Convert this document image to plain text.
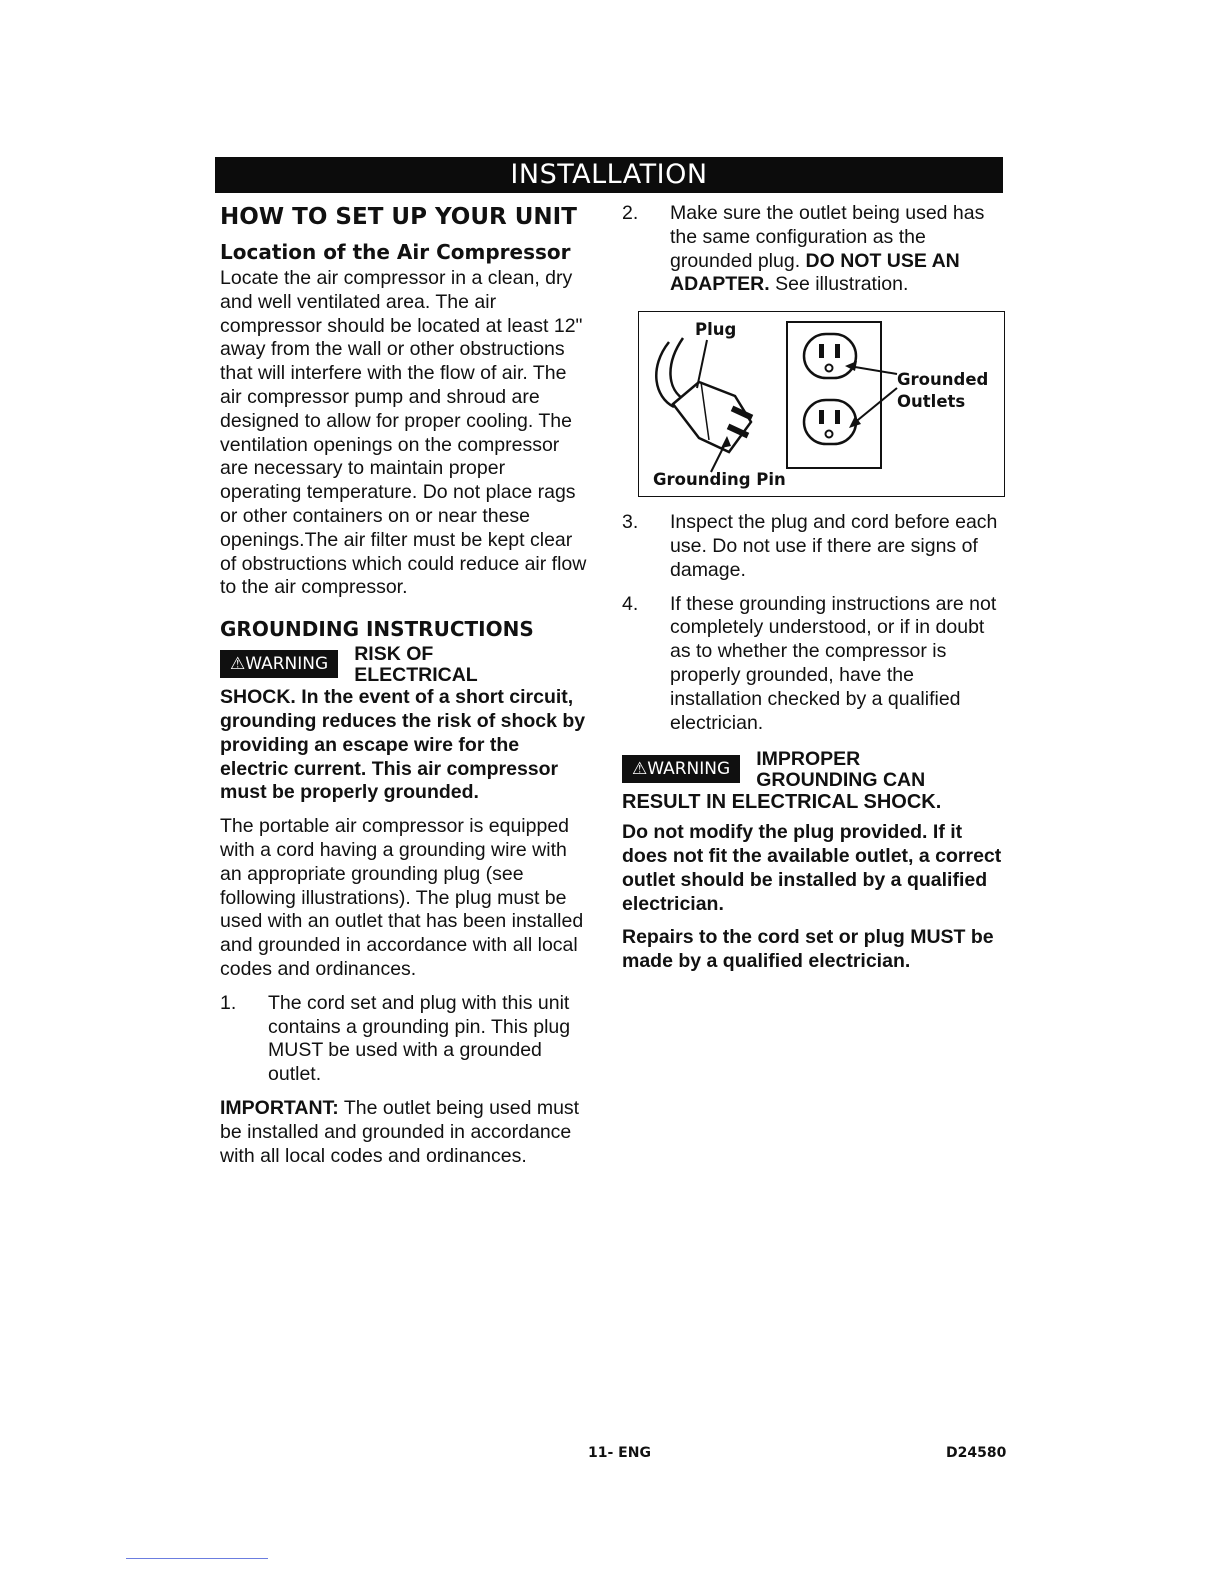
INSTALLATION
HOW TO SET UP YOUR UNIT
Location of the Air Compressor

Locate the air compressor in a clean, dry and well ventilated area. The air compressor should be located at least 12" away from the wall or other obstructions that will interfere with the flow of air. The air compressor pump and shroud are designed to allow for proper cooling. The ventilation openings on the compressor are necessary to maintain proper operating temperature. Do not place rags or other containers on or near these openings.The air filter must be kept clear of obstructions which could reduce air flow to the air compressor.

GROUNDING INSTRUCTIONS
⚠WARNING	RISK OF ELECTRICAL

SHOCK. In the event of a short circuit, grounding reduces the risk of shock by providing an escape wire for the electric current. This air compressor must be properly grounded.

The portable air compressor is equipped with a cord having a grounding wire with an appropriate grounding plug (see following illustrations). The plug must be used with an outlet that has been installed and grounded in accordance with all local codes and ordinances.

1.	The cord set and plug with this unit contains a grounding pin. This plug MUST be used with a grounded outlet.

IMPORTANT: The outlet being used must be installed and grounded in accordance with all local codes and ordinances.

2.	Make sure the outlet being used has the same configuration as the grounded plug. DO NOT USE AN ADAPTER. See illustration.
Plug
Grounded
Outlets
Grounding Pin
3.	Inspect the plug and cord before each use. Do not use if there are signs of damage.
4.	If these grounding instructions are not completely understood, or if in doubt as to whether the compressor is properly grounded, have the installation checked by a qualified electrician.
⚠WARNING	IMPROPER GROUNDING CAN

RESULT IN ELECTRICAL SHOCK.

Do not modify the plug provided. If it does not fit the available outlet, a correct outlet should be installed by a qualified electrician.

Repairs to the cord set or plug MUST be made by a qualified electrician.

11- ENG	D24580
